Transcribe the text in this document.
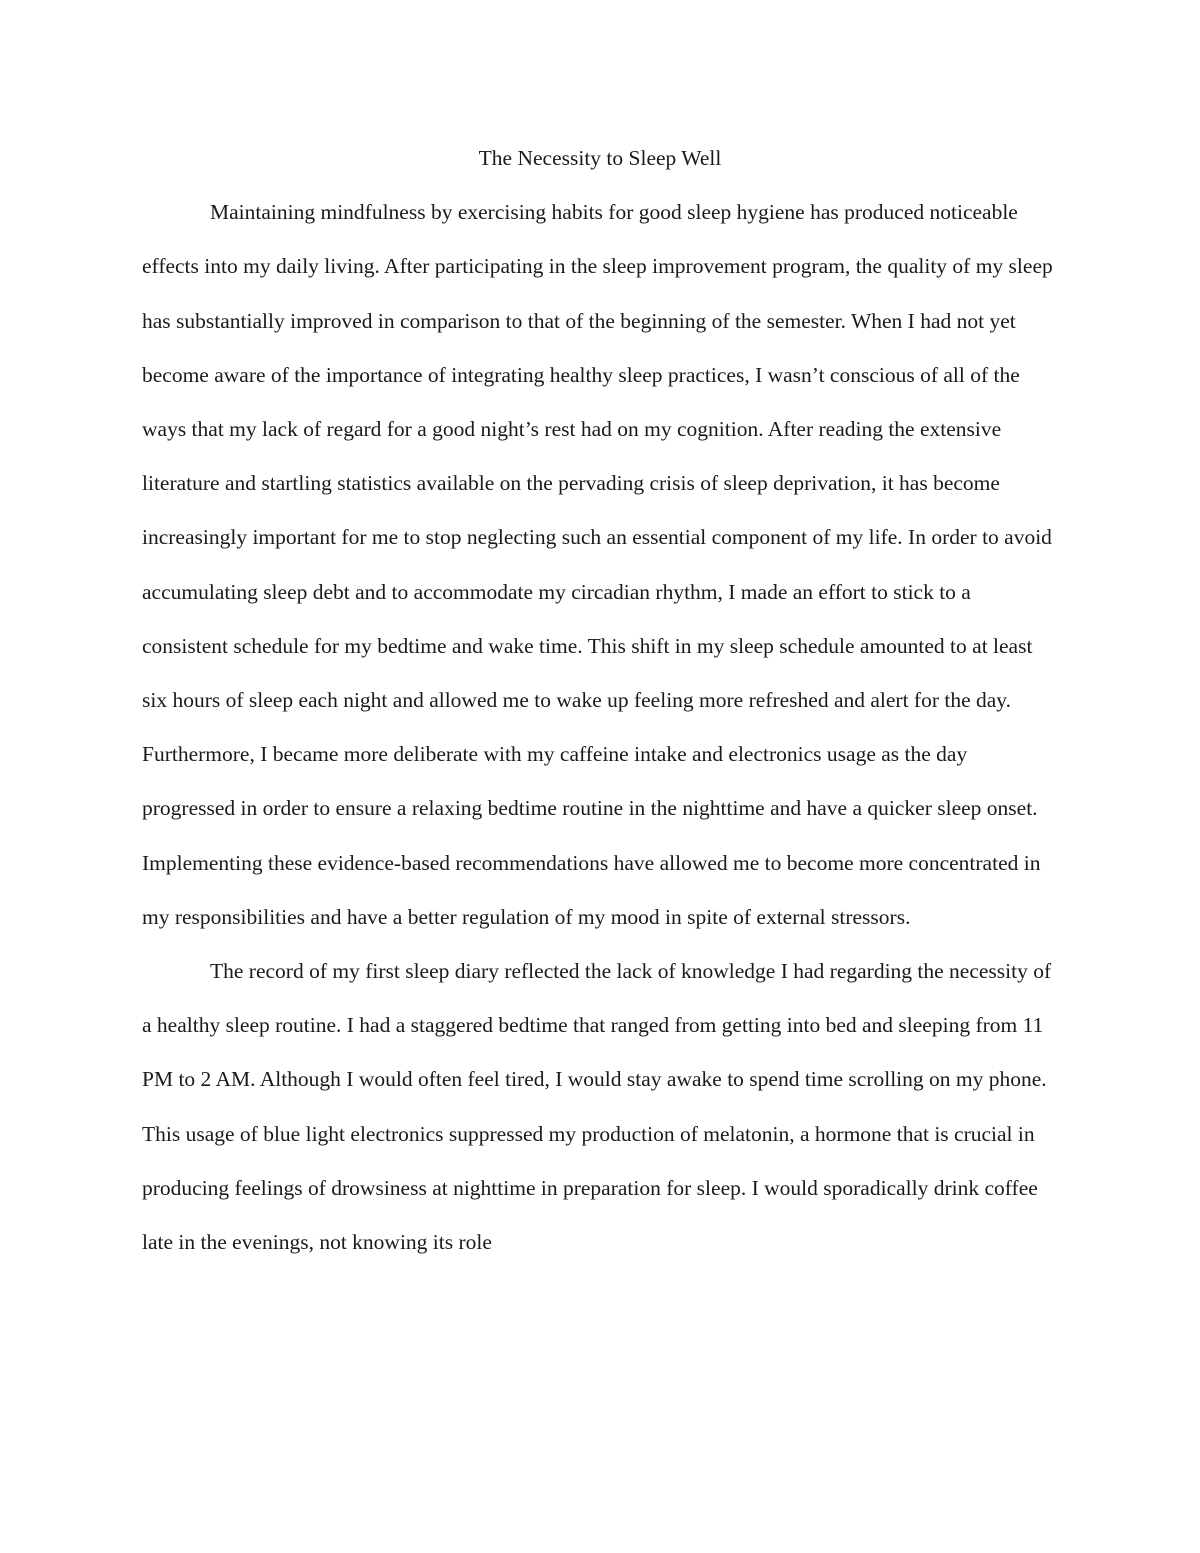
The Necessity to Sleep Well

Maintaining mindfulness by exercising habits for good sleep hygiene has produced noticeable effects into my daily living. After participating in the sleep improvement program, the quality of my sleep has substantially improved in comparison to that of the beginning of the semester. When I had not yet become aware of the importance of integrating healthy sleep practices, I wasn’t conscious of all of the ways that my lack of regard for a good night’s rest had on my cognition. After reading the extensive literature and startling statistics available on the pervading crisis of sleep deprivation, it has become increasingly important for me to stop neglecting such an essential component of my life. In order to avoid accumulating sleep debt and to accommodate my circadian rhythm, I made an effort to stick to a consistent schedule for my bedtime and wake time. This shift in my sleep schedule amounted to at least six hours of sleep each night and allowed me to wake up feeling more refreshed and alert for the day. Furthermore, I became more deliberate with my caffeine intake and electronics usage as the day progressed in order to ensure a relaxing bedtime routine in the nighttime and have a quicker sleep onset. Implementing these evidence-based recommendations have allowed me to become more concentrated in my responsibilities and have a better regulation of my mood in spite of external stressors.

The record of my first sleep diary reflected the lack of knowledge I had regarding the necessity of a healthy sleep routine. I had a staggered bedtime that ranged from getting into bed and sleeping from 11 PM to 2 AM. Although I would often feel tired, I would stay awake to spend time scrolling on my phone. This usage of blue light electronics suppressed my production of melatonin, a hormone that is crucial in producing feelings of drowsiness at nighttime in preparation for sleep. I would sporadically drink coffee late in the evenings, not knowing its role
